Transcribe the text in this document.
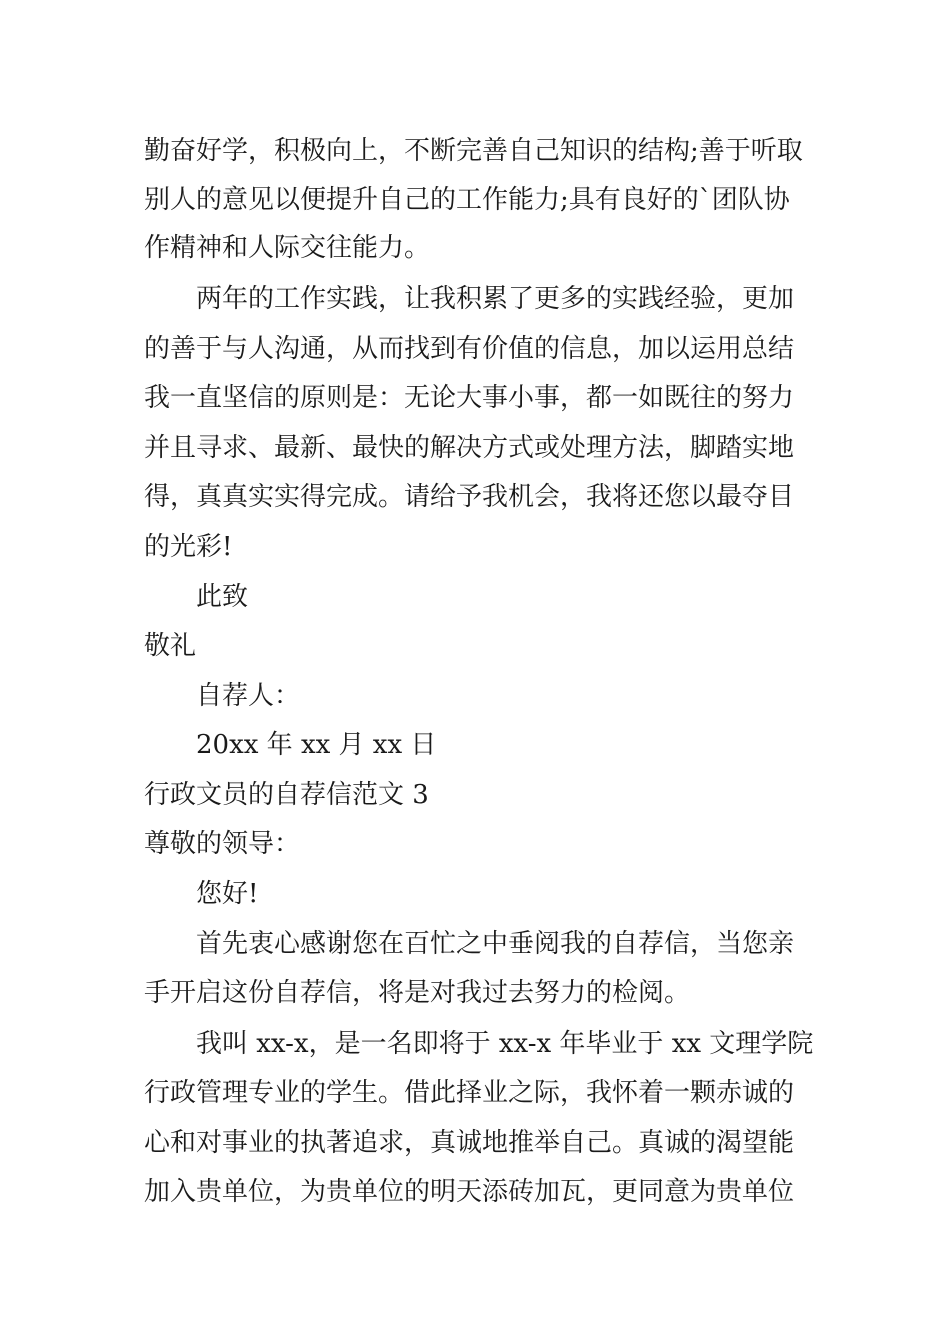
勤奋好学，积极向上，不断完善自己知识的结构;善于听取
别人的意见以便提升自己的工作能力;具有良好的`团队协
作精神和人际交往能力。
两年的工作实践，让我积累了更多的实践经验，更加
的善于与人沟通，从而找到有价值的信息，加以运用总结
我一直坚信的原则是：无论大事小事，都一如既往的努力
并且寻求、最新、最快的解决方式或处理方法，脚踏实地
得，真真实实得完成。请给予我机会，我将还您以最夺目
的光彩!
此致
敬礼
自荐人：
20xx 年 xx 月 xx 日
行政文员的自荐信范文 3
尊敬的领导：
您好!
首先衷心感谢您在百忙之中垂阅我的自荐信，当您亲
手开启这份自荐信，将是对我过去努力的检阅。
我叫 xx-x，是一名即将于 xx-x 年毕业于 xx 文理学院
行政管理专业的学生。借此择业之际，我怀着一颗赤诚的
心和对事业的执著追求，真诚地推举自己。真诚的渴望能
加入贵单位，为贵单位的明天添砖加瓦，更同意为贵单位
